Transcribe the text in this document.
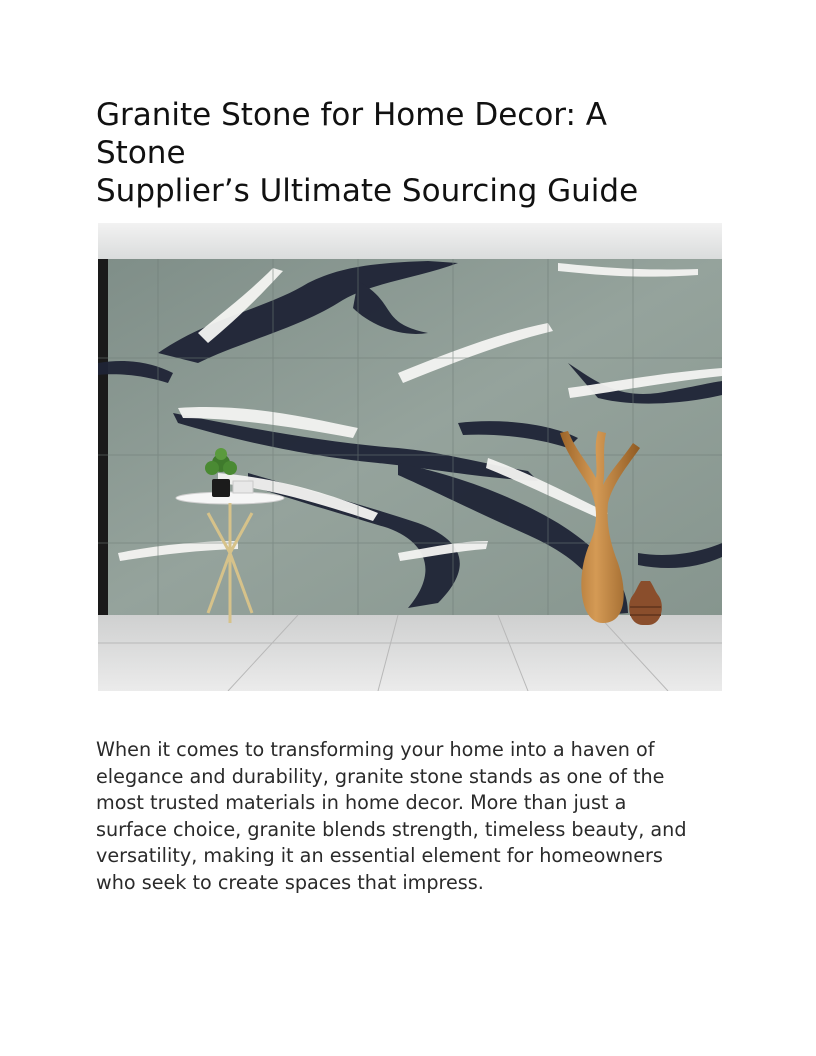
Granite Stone for Home Decor: A
Stone
Supplier’s Ultimate Sourcing Guide

When it comes to transforming your home into a haven of
elegance and durability, granite stone stands as one of the
most trusted materials in home decor. More than just a
surface choice, granite blends strength, timeless beauty, and
versatility, making it an essential element for homeowners
who seek to create spaces that impress.
